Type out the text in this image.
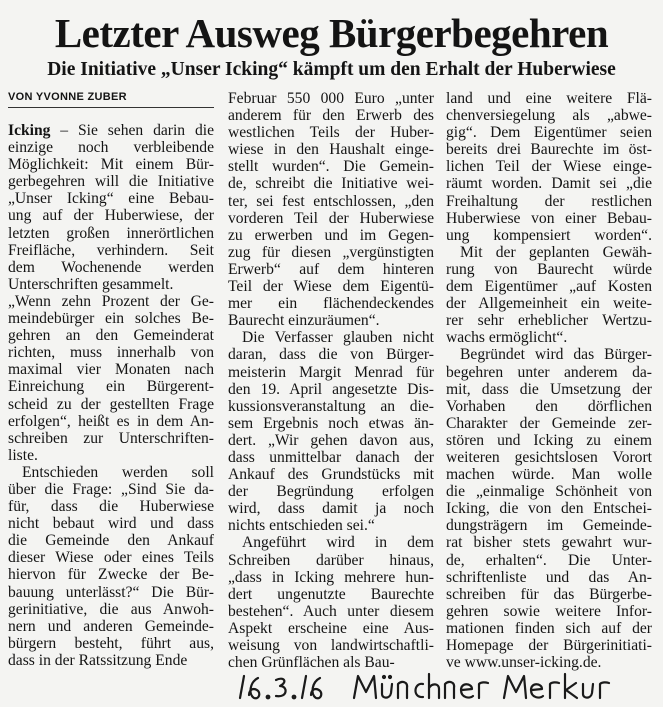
Letzter Ausweg Bürgerbegehren
Die Initiative „Unser Icking“ kämpft um den Erhalt der Huberwiese
VON YVONNE ZUBER
Icking – Sie sehen darin die
einzige noch verbleibende
Möglichkeit: Mit einem Bür-
gerbegehren will die Initiative
„Unser Icking“ eine Bebau-
ung auf der Huberwiese, der
letzten großen innerörtlichen
Freifläche, verhindern. Seit
dem Wochenende werden
Unterschriften gesammelt.
„Wenn zehn Prozent der Ge-
meindebürger ein solches Be-
gehren an den Gemeinderat
richten, muss innerhalb von
maximal vier Monaten nach
Einreichung ein Bürgerent-
scheid zu der gestellten Frage
erfolgen“, heißt es in dem An-
schreiben zur Unterschriften-
liste.
Entschieden werden soll
über die Frage: „Sind Sie da-
für, dass die Huberwiese
nicht bebaut wird und dass
die Gemeinde den Ankauf
dieser Wiese oder eines Teils
hiervon für Zwecke der Be-
bauung unterlässt?“ Die Bür-
gerinitiative, die aus Anwoh-
nern und anderen Gemeinde-
bürgern besteht, führt aus,
dass in der Ratssitzung Ende
Februar 550 000 Euro „unter
anderem für den Erwerb des
westlichen Teils der Huber-
wiese in den Haushalt einge-
stellt wurden“. Die Gemein-
de, schreibt die Initiative wei-
ter, sei fest entschlossen, „den
vorderen Teil der Huberwiese
zu erwerben und im Gegen-
zug für diesen „vergünstigten
Erwerb“ auf dem hinteren
Teil der Wiese dem Eigentü-
mer ein flächendeckendes
Baurecht einzuräumen“.
Die Verfasser glauben nicht
daran, dass die von Bürger-
meisterin Margit Menrad für
den 19. April angesetzte Dis-
kussionsveranstaltung an die-
sem Ergebnis noch etwas än-
dert. „Wir gehen davon aus,
dass unmittelbar danach der
Ankauf des Grundstücks mit
der Begründung erfolgen
wird, dass damit ja noch
nichts entschieden sei.“
Angeführt wird in dem
Schreiben darüber hinaus,
„dass in Icking mehrere hun-
dert ungenutzte Baurechte
bestehen“. Auch unter diesem
Aspekt erscheine eine Aus-
weisung von landwirtschaftli-
chen Grünflächen als Bau-
land und eine weitere Flä-
chenversiegelung als „abwe-
gig“. Dem Eigentümer seien
bereits drei Baurechte im öst-
lichen Teil der Wiese einge-
räumt worden. Damit sei „die
Freihaltung der restlichen
Huberwiese von einer Bebau-
ung kompensiert worden“.
Mit der geplanten Gewäh-
rung von Baurecht würde
dem Eigentümer „auf Kosten
der Allgemeinheit ein weite-
rer sehr erheblicher Wertzu-
wachs ermöglicht“.
Begründet wird das Bürger-
begehren unter anderem da-
mit, dass die Umsetzung der
Vorhaben den dörflichen
Charakter der Gemeinde zer-
stören und Icking zu einem
weiteren gesichtslosen Vorort
machen würde. Man wolle
die „einmalige Schönheit von
Icking, die von den Entschei-
dungsträgern im Gemeinde-
rat bisher stets gewahrt wur-
de, erhalten“. Die Unter-
schriftenliste und das An-
schreiben für das Bürgerbe-
gehren sowie weitere Infor-
mationen finden sich auf der
Homepage der Bürgerinitiati-
ve www.unser-icking.de.
